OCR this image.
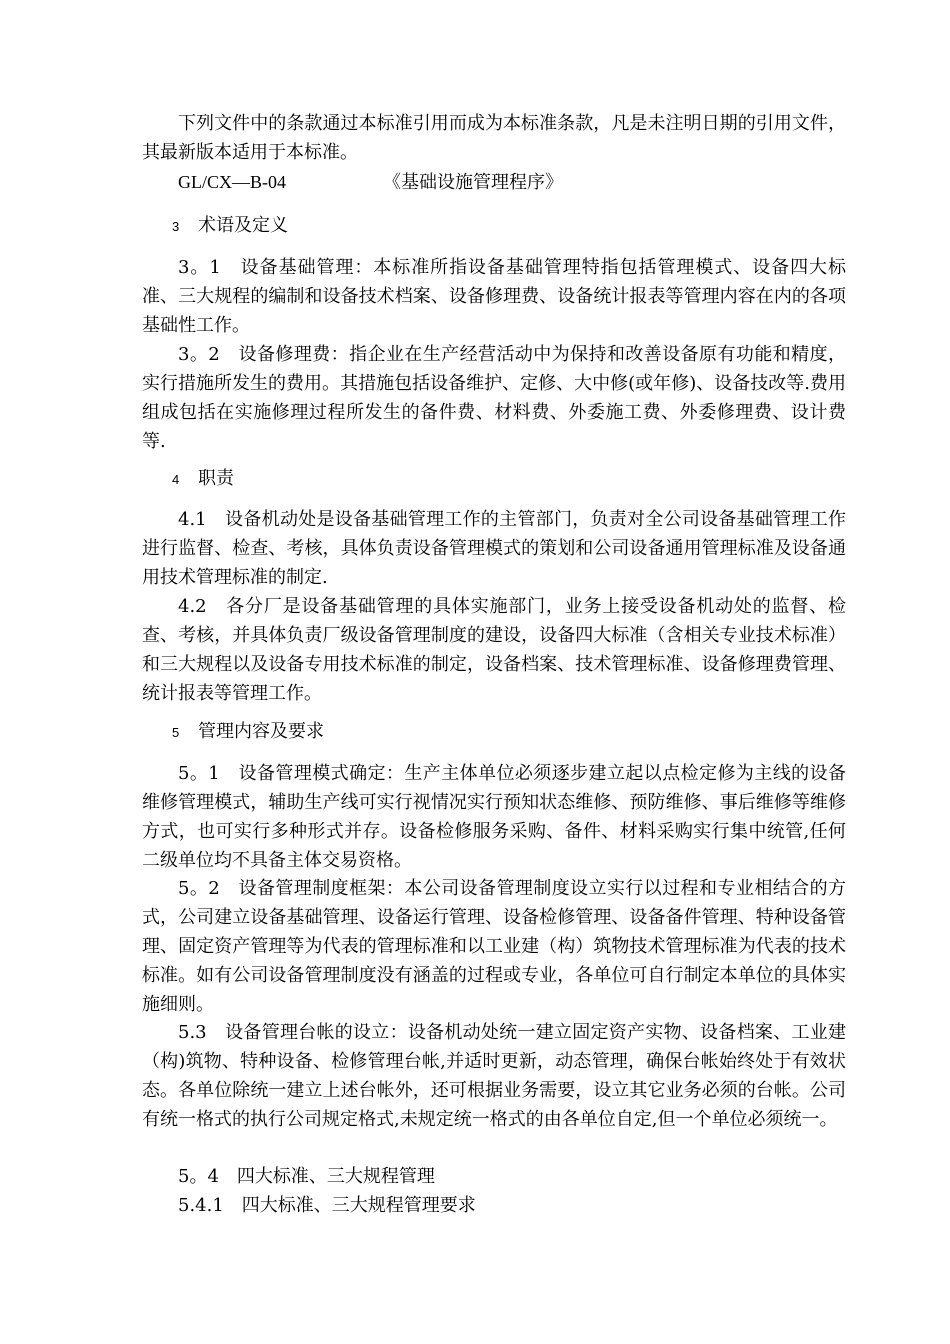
下列文件中的条款通过本标准引用而成为本标准条款，凡是未注明日期的引用文件，其最新版本适用于本标准。

GL/CX—B-04	《基础设施管理程序》
3 术语及定义

3。1　设备基础管理：本标准所指设备基础管理特指包括管理模式、设备四大标准、三大规程的编制和设备技术档案、设备修理费、设备统计报表等管理内容在内的各项基础性工作。

3。2　设备修理费：指企业在生产经营活动中为保持和改善设备原有功能和精度，实行措施所发生的费用。其措施包括设备维护、定修、大中修(或年修)、设备技改等.费用组成包括在实施修理过程所发生的备件费、材料费、外委施工费、外委修理费、设计费等.

4 职责

4.1　设备机动处是设备基础管理工作的主管部门，负责对全公司设备基础管理工作进行监督、检查、考核，具体负责设备管理模式的策划和公司设备通用管理标准及设备通用技术管理标准的制定.

4.2　各分厂是设备基础管理的具体实施部门，业务上接受设备机动处的监督、检查、考核，并具体负责厂级设备管理制度的建设，设备四大标准（含相关专业技术标准）和三大规程以及设备专用技术标准的制定，设备档案、技术管理标准、设备修理费管理、统计报表等管理工作。

5 管理内容及要求

5。1　设备管理模式确定：生产主体单位必须逐步建立起以点检定修为主线的设备维修管理模式，辅助生产线可实行视情况实行预知状态维修、预防维修、事后维修等维修方式，也可实行多种形式并存。设备检修服务采购、备件、材料采购实行集中统管,任何二级单位均不具备主体交易资格。

5。2　设备管理制度框架：本公司设备管理制度设立实行以过程和专业相结合的方式，公司建立设备基础管理、设备运行管理、设备检修管理、设备备件管理、特种设备管理、固定资产管理等为代表的管理标准和以工业建（构）筑物技术管理标准为代表的技术标准。如有公司设备管理制度没有涵盖的过程或专业，各单位可自行制定本单位的具体实施细则。

5.3　设备管理台帐的设立：设备机动处统一建立固定资产实物、设备档案、工业建（构)筑物、特种设备、检修管理台帐,并适时更新，动态管理，确保台帐始终处于有效状态。各单位除统一建立上述台帐外，还可根据业务需要，设立其它业务必须的台帐。公司有统一格式的执行公司规定格式,未规定统一格式的由各单位自定,但一个单位必须统一。

5。4　四大标准、三大规程管理
5.4.1　四大标准、三大规程管理要求
